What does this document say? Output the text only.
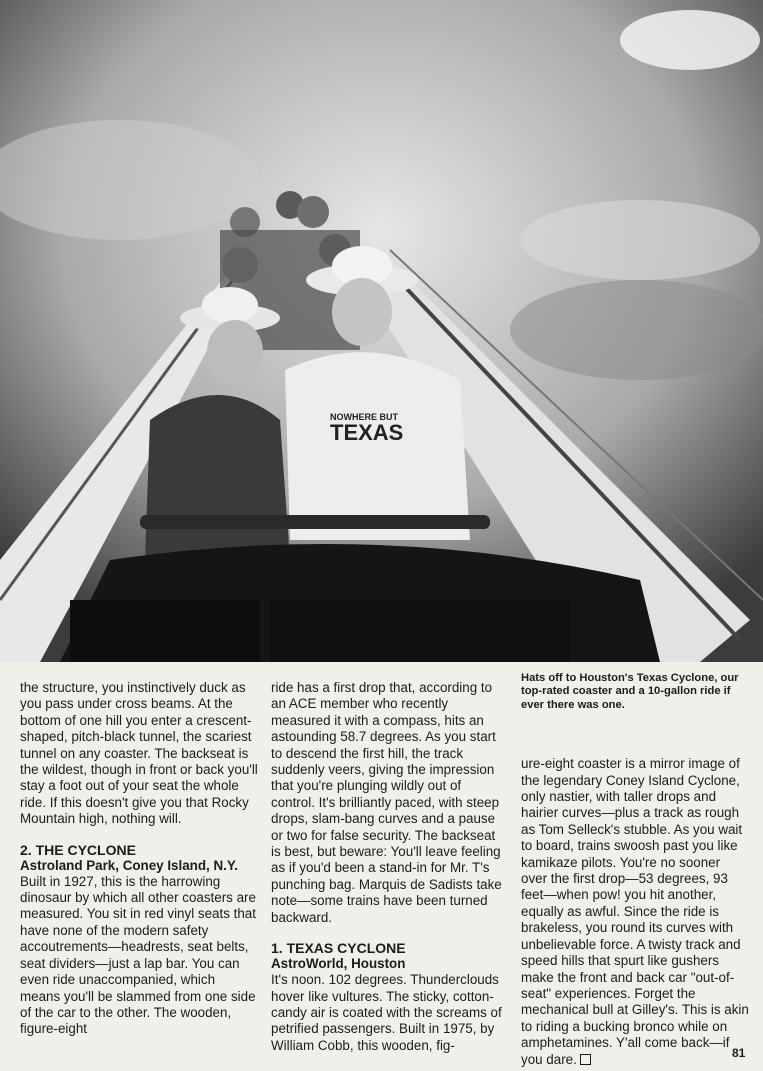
NOWHERE BUT
TEXAS

the structure, you instinctively duck as you pass under cross beams. At the bottom of one hill you enter a crescent-shaped, pitch-black tunnel, the scariest tunnel on any coaster. The backseat is the wildest, though in front or back you'll stay a foot out of your seat the whole ride. If this doesn't give you that Rocky Mountain high, nothing will.

2. THE CYCLONE
Astroland Park, Coney Island, N.Y.

Built in 1927, this is the harrowing dinosaur by which all other coasters are measured. You sit in red vinyl seats that have none of the modern safety accoutrements—headrests, seat belts, seat dividers—just a lap bar. You can even ride unaccompanied, which means you'll be slammed from one side of the car to the other. The wooden, figure-eight

ride has a first drop that, according to an ACE member who recently measured it with a compass, hits an astounding 58.7 degrees. As you start to descend the first hill, the track suddenly veers, giving the impression that you're plunging wildly out of control. It's brilliantly paced, with steep drops, slam-bang curves and a pause or two for false security. The backseat is best, but beware: You'll leave feeling as if you'd been a stand-in for Mr. T's punching bag. Marquis de Sadists take note—some trains have been turned backward.

1. TEXAS CYCLONE
AstroWorld, Houston

It's noon. 102 degrees. Thunderclouds hover like vultures. The sticky, cotton-candy air is coated with the screams of petrified passengers. Built in 1975, by William Cobb, this wooden, fig-

Hats off to Houston's Texas Cyclone, our top-rated coaster and a 10-gallon ride if ever there was one.

ure-eight coaster is a mirror image of the legendary Coney Island Cyclone, only nastier, with taller drops and hairier curves—plus a track as rough as Tom Selleck's stubble. As you wait to board, trains swoosh past you like kamikaze pilots. You're no sooner over the first drop—53 degrees, 93 feet—when pow! you hit another, equally as awful. Since the ride is brakeless, you round its curves with unbelievable force. A twisty track and speed hills that spurt like gushers make the front and back car "out-of-seat" experiences. Forget the mechanical bull at Gilley's. This is akin to riding a bucking bronco while on amphetamines. Y'all come back—if you dare.	81
